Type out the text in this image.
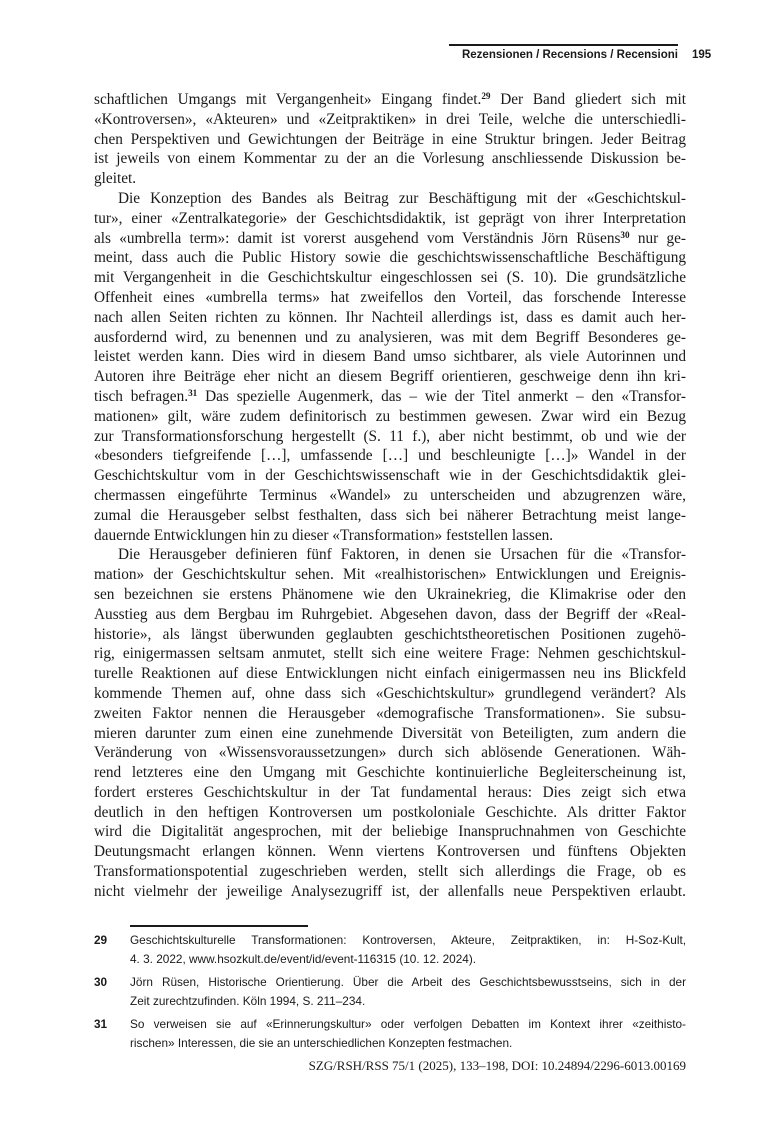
Rezensionen / Recensions / Recensioni 195
schaftlichen Umgangs mit Vergangenheit» Eingang findet.$^{29}$ Der Band gliedert sich mit
«Kontroversen», «Akteuren» und «Zeitpraktiken» in drei Teile, welche die unterschiedli-
chen Perspektiven und Gewichtungen der Beiträge in eine Struktur bringen. Jeder Beitrag
ist jeweils von einem Kommentar zu der an die Vorlesung anschliessende Diskussion be-
gleitet.
Die Konzeption des Bandes als Beitrag zur Beschäftigung mit der «Geschichtskul-
tur», einer «Zentralkategorie» der Geschichtsdidaktik, ist geprägt von ihrer Interpretation
als «umbrella term»: damit ist vorerst ausgehend vom Verständnis Jörn Rüsens$^{30}$ nur ge-
meint, dass auch die Public History sowie die geschichtswissenschaftliche Beschäftigung
mit Vergangenheit in die Geschichtskultur eingeschlossen sei (S. 10). Die grundsätzliche
Offenheit eines «umbrella terms» hat zweifellos den Vorteil, das forschende Interesse
nach allen Seiten richten zu können. Ihr Nachteil allerdings ist, dass es damit auch her-
ausfordernd wird, zu benennen und zu analysieren, was mit dem Begriff Besonderes ge-
leistet werden kann. Dies wird in diesem Band umso sichtbarer, als viele Autorinnen und
Autoren ihre Beiträge eher nicht an diesem Begriff orientieren, geschweige denn ihn kri-
tisch befragen.$^{31}$ Das spezielle Augenmerk, das – wie der Titel anmerkt – den «Transfor-
mationen» gilt, wäre zudem definitorisch zu bestimmen gewesen. Zwar wird ein Bezug
zur Transformationsforschung hergestellt (S. 11 f.), aber nicht bestimmt, ob und wie der
«besonders tiefgreifende […], umfassende […] und beschleunigte […]» Wandel in der
Geschichtskultur vom in der Geschichtswissenschaft wie in der Geschichtsdidaktik glei-
chermassen eingeführte Terminus «Wandel» zu unterscheiden und abzugrenzen wäre,
zumal die Herausgeber selbst festhalten, dass sich bei näherer Betrachtung meist lange-
dauernde Entwicklungen hin zu dieser «Transformation» feststellen lassen.
Die Herausgeber definieren fünf Faktoren, in denen sie Ursachen für die «Transfor-
mation» der Geschichtskultur sehen. Mit «realhistorischen» Entwicklungen und Ereignis-
sen bezeichnen sie erstens Phänomene wie den Ukrainekrieg, die Klimakrise oder den
Ausstieg aus dem Bergbau im Ruhrgebiet. Abgesehen davon, dass der Begriff der «Real-
historie», als längst überwunden geglaubten geschichtstheoretischen Positionen zugehö-
rig, einigermassen seltsam anmutet, stellt sich eine weitere Frage: Nehmen geschichtskul-
turelle Reaktionen auf diese Entwicklungen nicht einfach einigermassen neu ins Blickfeld
kommende Themen auf, ohne dass sich «Geschichtskultur» grundlegend verändert? Als
zweiten Faktor nennen die Herausgeber «demografische Transformationen». Sie subsu-
mieren darunter zum einen eine zunehmende Diversität von Beteiligten, zum andern die
Veränderung von «Wissensvoraussetzungen» durch sich ablösende Generationen. Wäh-
rend letzteres eine den Umgang mit Geschichte kontinuierliche Begleiterscheinung ist,
fordert ersteres Geschichtskultur in der Tat fundamental heraus: Dies zeigt sich etwa
deutlich in den heftigen Kontroversen um postkoloniale Geschichte. Als dritter Faktor
wird die Digitalität angesprochen, mit der beliebige Inanspruchnahmen von Geschichte
Deutungsmacht erlangen können. Wenn viertens Kontroversen und fünftens Objekten
Transformationspotential zugeschrieben werden, stellt sich allerdings die Frage, ob es
nicht vielmehr der jeweilige Analysezugriff ist, der allenfalls neue Perspektiven erlaubt.
29 Geschichtskulturelle Transformationen: Kontroversen, Akteure, Zeitpraktiken, in: H-Soz-Kult,
4. 3. 2022, www.hsozkult.de/event/id/event-116315 (10. 12. 2024).
30 Jörn Rüsen, Historische Orientierung. Über die Arbeit des Geschichtsbewusstseins, sich in der
Zeit zurechtzufinden. Köln 1994, S. 211–234.
31 So verweisen sie auf «Erinnerungskultur» oder verfolgen Debatten im Kontext ihrer «zeithisto-
rischen» Interessen, die sie an unterschiedlichen Konzepten festmachen.
SZG/RSH/RSS 75/1 (2025), 133–198, DOI: 10.24894/2296-6013.00169
